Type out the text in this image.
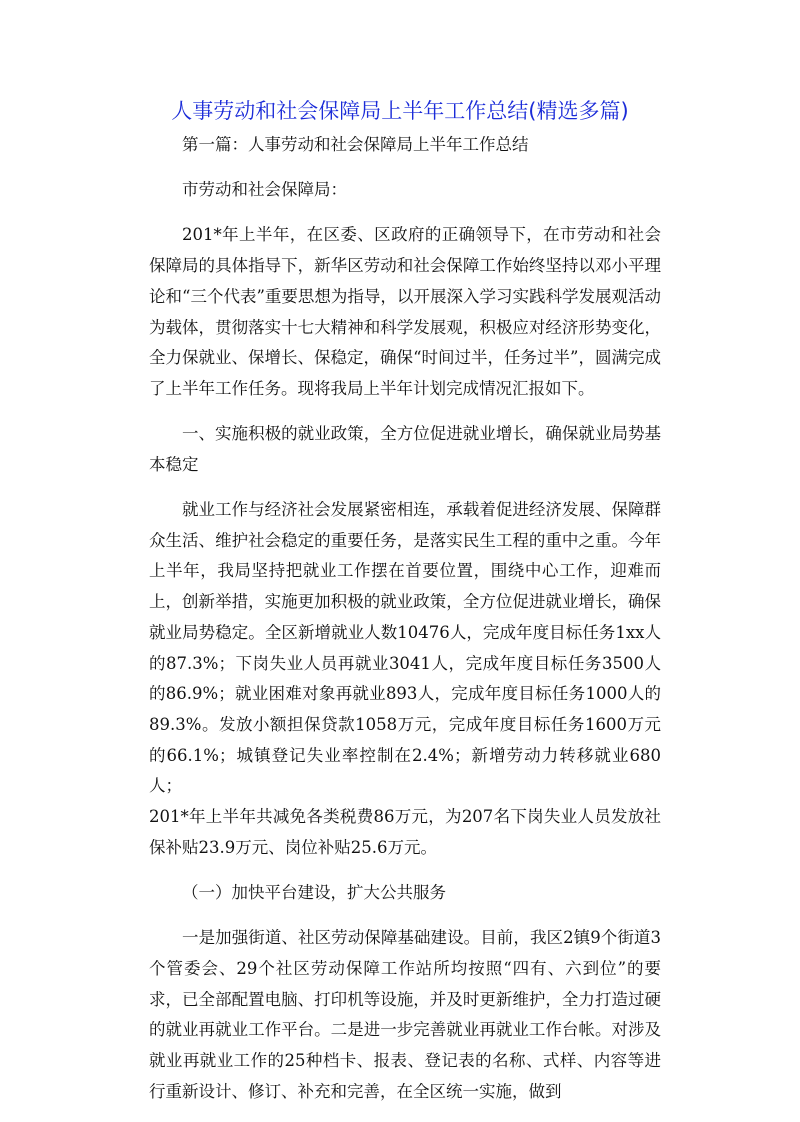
人事劳动和社会保障局上半年工作总结(精选多篇)

第一篇：人事劳动和社会保障局上半年工作总结

市劳动和社会保障局：

201*年上半年，在区委、区政府的正确领导下，在市劳动和社会保障局的具体指导下，新华区劳动和社会保障工作始终坚持以邓小平理论和“三个代表”重要思想为指导，以开展深入学习实践科学发展观活动为载体，贯彻落实十七大精神和科学发展观，积极应对经济形势变化，全力保就业、保增长、保稳定，确保“时间过半，任务过半”，圆满完成了上半年工作任务。现将我局上半年计划完成情况汇报如下。

一、实施积极的就业政策，全方位促进就业增长，确保就业局势基本稳定

就业工作与经济社会发展紧密相连，承载着促进经济发展、保障群众生活、维护社会稳定的重要任务，是落实民生工程的重中之重。今年上半年，我局坚持把就业工作摆在首要位置，围绕中心工作，迎难而上，创新举措，实施更加积极的就业政策，全方位促进就业增长，确保就业局势稳定。全区新增就业人数10476人，完成年度目标任务1xx人的87.3%；下岗失业人员再就业3041人，完成年度目标任务3500人的86.9%；就业困难对象再就业893人，完成年度目标任务1000人的89.3%。发放小额担保贷款1058万元，完成年度目标任务1600万元的66.1%；城镇登记失业率控制在2.4%；新增劳动力转移就业680人；

201*年上半年共减免各类税费86万元，为207名下岗失业人员发放社保补贴23.9万元、岗位补贴25.6万元。

（一）加快平台建设，扩大公共服务

一是加强街道、社区劳动保障基础建设。目前，我区2镇9个街道3个管委会、29个社区劳动保障工作站所均按照“四有、六到位”的要求，已全部配置电脑、打印机等设施，并及时更新维护，全力打造过硬的就业再就业工作平台。二是进一步完善就业再就业工作台帐。对涉及就业再就业工作的25种档卡、报表、登记表的名称、式样、内容等进行重新设计、修订、补充和完善，在全区统一实施，做到
